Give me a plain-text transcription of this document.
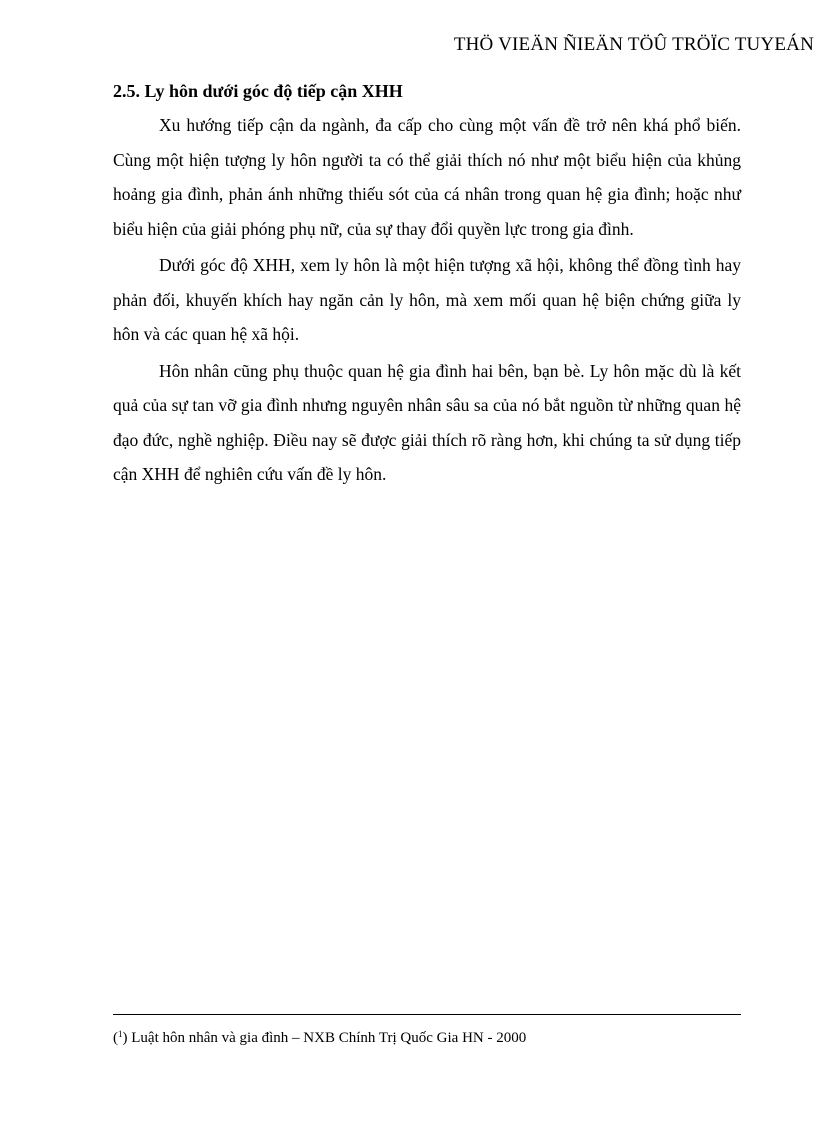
THÖ VIEÄN ÑIEÄN TÖÛ TRÖÏC TUYEÁN
2.5. Ly hôn dưới góc độ tiếp cận XHH

Xu hướng tiếp cận da ngành, đa cấp cho cùng một vấn đề trở nên khá phổ biến. Cùng một hiện tượng ly hôn người ta có thể giải thích nó như một biểu hiện của khủng hoảng gia đình, phản ánh những thiếu sót của cá nhân trong quan hệ gia đình; hoặc như biểu hiện của giải phóng phụ nữ, của sự thay đổi quyền lực trong gia đình.

Dưới góc độ XHH, xem ly hôn là một hiện tượng xã hội, không thể đồng tình hay phản đối, khuyến khích hay ngăn cản ly hôn, mà xem mối quan hệ biện chứng giữa ly hôn và các quan hệ xã hội.

Hôn nhân cũng phụ thuộc quan hệ gia đình hai bên, bạn bè. Ly hôn mặc dù là kết quả của sự tan vỡ gia đình nhưng nguyên nhân sâu sa của nó bắt nguồn từ những quan hệ đạo đức, nghề nghiệp. Điều nay sẽ được giải thích rõ ràng hơn, khi chúng ta sử dụng tiếp cận XHH để nghiên cứu vấn đề ly hôn.

($^1$) Luật hôn nhân và gia đình – NXB Chính Trị Quốc Gia HN - 2000
